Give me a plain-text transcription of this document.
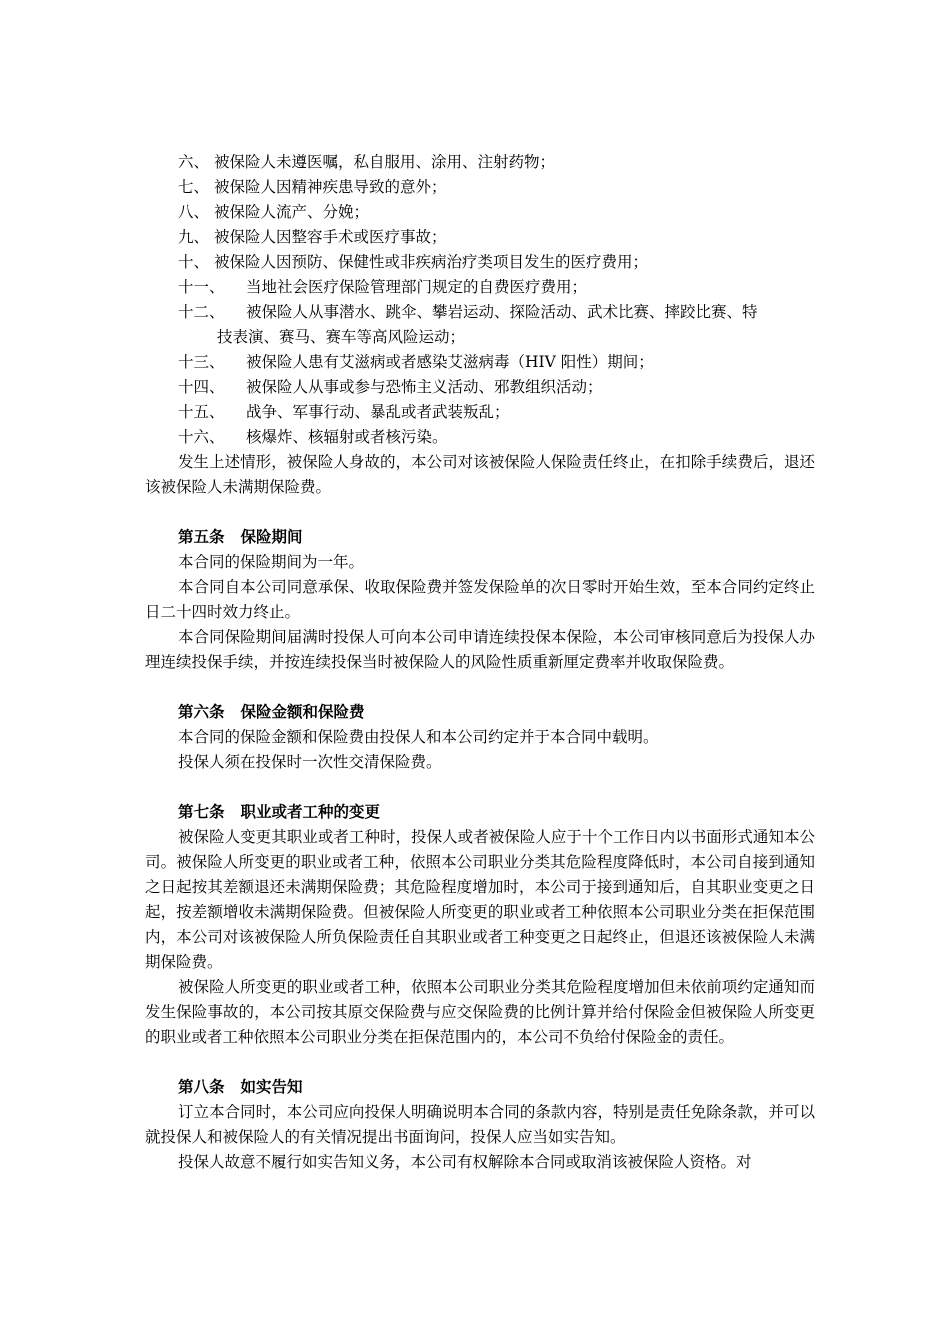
六、 被保险人未遵医嘱，私自服用、涂用、注射药物；
七、 被保险人因精神疾患导致的意外；
八、 被保险人流产、分娩；
九、 被保险人因整容手术或医疗事故；
十、 被保险人因预防、保健性或非疾病治疗类项目发生的医疗费用；
十一、 当地社会医疗保险管理部门规定的自费医疗费用；
十二、 被保险人从事潜水、跳伞、攀岩运动、探险活动、武术比赛、摔跤比赛、特
技表演、赛马、赛车等高风险运动；
十三、 被保险人患有艾滋病或者感染艾滋病毒（HIV 阳性）期间；
十四、 被保险人从事或参与恐怖主义活动、邪教组织活动；
十五、 战争、军事行动、暴乱或者武装叛乱；
十六、 核爆炸、核辐射或者核污染。
发生上述情形，被保险人身故的，本公司对该被保险人保险责任终止，在扣除手续费后，退还该被保险人未满期保险费。
第五条 保险期间
本合同的保险期间为一年。
本合同自本公司同意承保、收取保险费并签发保险单的次日零时开始生效，至本合同约定终止日二十四时效力终止。
本合同保险期间届满时投保人可向本公司申请连续投保本保险，本公司审核同意后为投保人办理连续投保手续，并按连续投保当时被保险人的风险性质重新厘定费率并收取保险费。
第六条 保险金额和保险费
本合同的保险金额和保险费由投保人和本公司约定并于本合同中载明。
投保人须在投保时一次性交清保险费。
第七条 职业或者工种的变更
被保险人变更其职业或者工种时，投保人或者被保险人应于十个工作日内以书面形式通知本公司。被保险人所变更的职业或者工种，依照本公司职业分类其危险程度降低时，本公司自接到通知之日起按其差额退还未满期保险费；其危险程度增加时，本公司于接到通知后，自其职业变更之日起，按差额增收未满期保险费。但被保险人所变更的职业或者工种依照本公司职业分类在拒保范围内，本公司对该被保险人所负保险责任自其职业或者工种变更之日起终止，但退还该被保险人未满期保险费。
被保险人所变更的职业或者工种，依照本公司职业分类其危险程度增加但未依前项约定通知而发生保险事故的，本公司按其原交保险费与应交保险费的比例计算并给付保险金但被保险人所变更的职业或者工种依照本公司职业分类在拒保范围内的，本公司不负给付保险金的责任。
第八条 如实告知
订立本合同时，本公司应向投保人明确说明本合同的条款内容，特别是责任免除条款，并可以就投保人和被保险人的有关情况提出书面询问，投保人应当如实告知。
投保人故意不履行如实告知义务，本公司有权解除本合同或取消该被保险人资格。对
